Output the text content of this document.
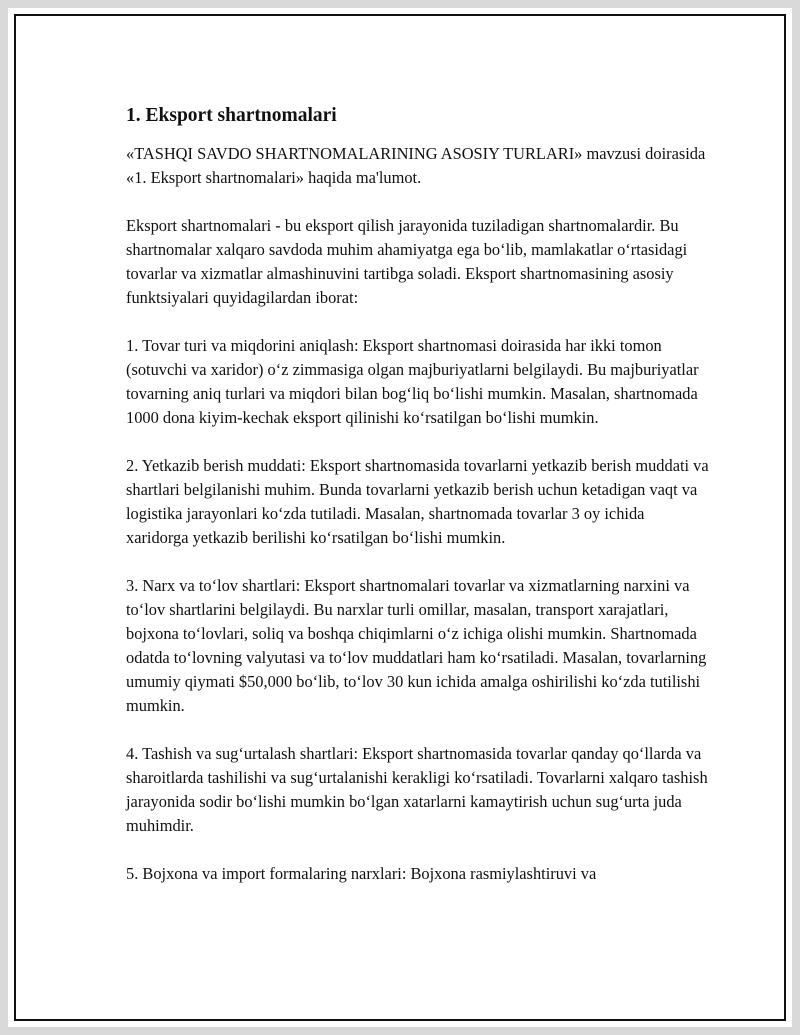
1. Eksport shartnomalari

«TASHQI SAVDO SHARTNOMALARINING ASOSIY TURLARI» mavzusi doirasida «1. Eksport shartnomalari» haqida ma'lumot.

Eksport shartnomalari - bu eksport qilish jarayonida tuziladigan shartnomalardir. Bu shartnomalar xalqaro savdoda muhim ahamiyatga ega bo‘lib, mamlakatlar o‘rtasidagi tovarlar va xizmatlar almashinuvini tartibga soladi. Eksport shartnomasining asosiy funktsiyalari quyidagilardan iborat:

1. Tovar turi va miqdorini aniqlash: Eksport shartnomasi doirasida har ikki tomon (sotuvchi va xaridor) o‘z zimmasiga olgan majburiyatlarni belgilaydi. Bu majburiyatlar tovarning aniq turlari va miqdori bilan bog‘liq bo‘lishi mumkin. Masalan, shartnomada 1000 dona kiyim-kechak eksport qilinishi ko‘rsatilgan bo‘lishi mumkin.

2. Yetkazib berish muddati: Eksport shartnomasida tovarlarni yetkazib berish muddati va shartlari belgilanishi muhim. Bunda tovarlarni yetkazib berish uchun ketadigan vaqt va logistika jarayonlari ko‘zda tutiladi. Masalan, shartnomada tovarlar 3 oy ichida xaridorga yetkazib berilishi ko‘rsatilgan bo‘lishi mumkin.

3. Narx va to‘lov shartlari: Eksport shartnomalari tovarlar va xizmatlarning narxini va to‘lov shartlarini belgilaydi. Bu narxlar turli omillar, masalan, transport xarajatlari, bojxona to‘lovlari, soliq va boshqa chiqimlarni o‘z ichiga olishi mumkin. Shartnomada odatda to‘lovning valyutasi va to‘lov muddatlari ham ko‘rsatiladi. Masalan, tovarlarning umumiy qiymati $50,000 bo‘lib, to‘lov 30 kun ichida amalga oshirilishi ko‘zda tutilishi mumkin.

4. Tashish va sug‘urtalash shartlari: Eksport shartnomasida tovarlar qanday qo‘llarda va sharoitlarda tashilishi va sug‘urtalanishi kerakligi ko‘rsatiladi. Tovarlarni xalqaro tashish jarayonida sodir bo‘lishi mumkin bo‘lgan xatarlarni kamaytirish uchun sug‘urta juda muhimdir.

5. Bojxona va import formalaring narxlari: Bojxona rasmiylashtiruvi va
